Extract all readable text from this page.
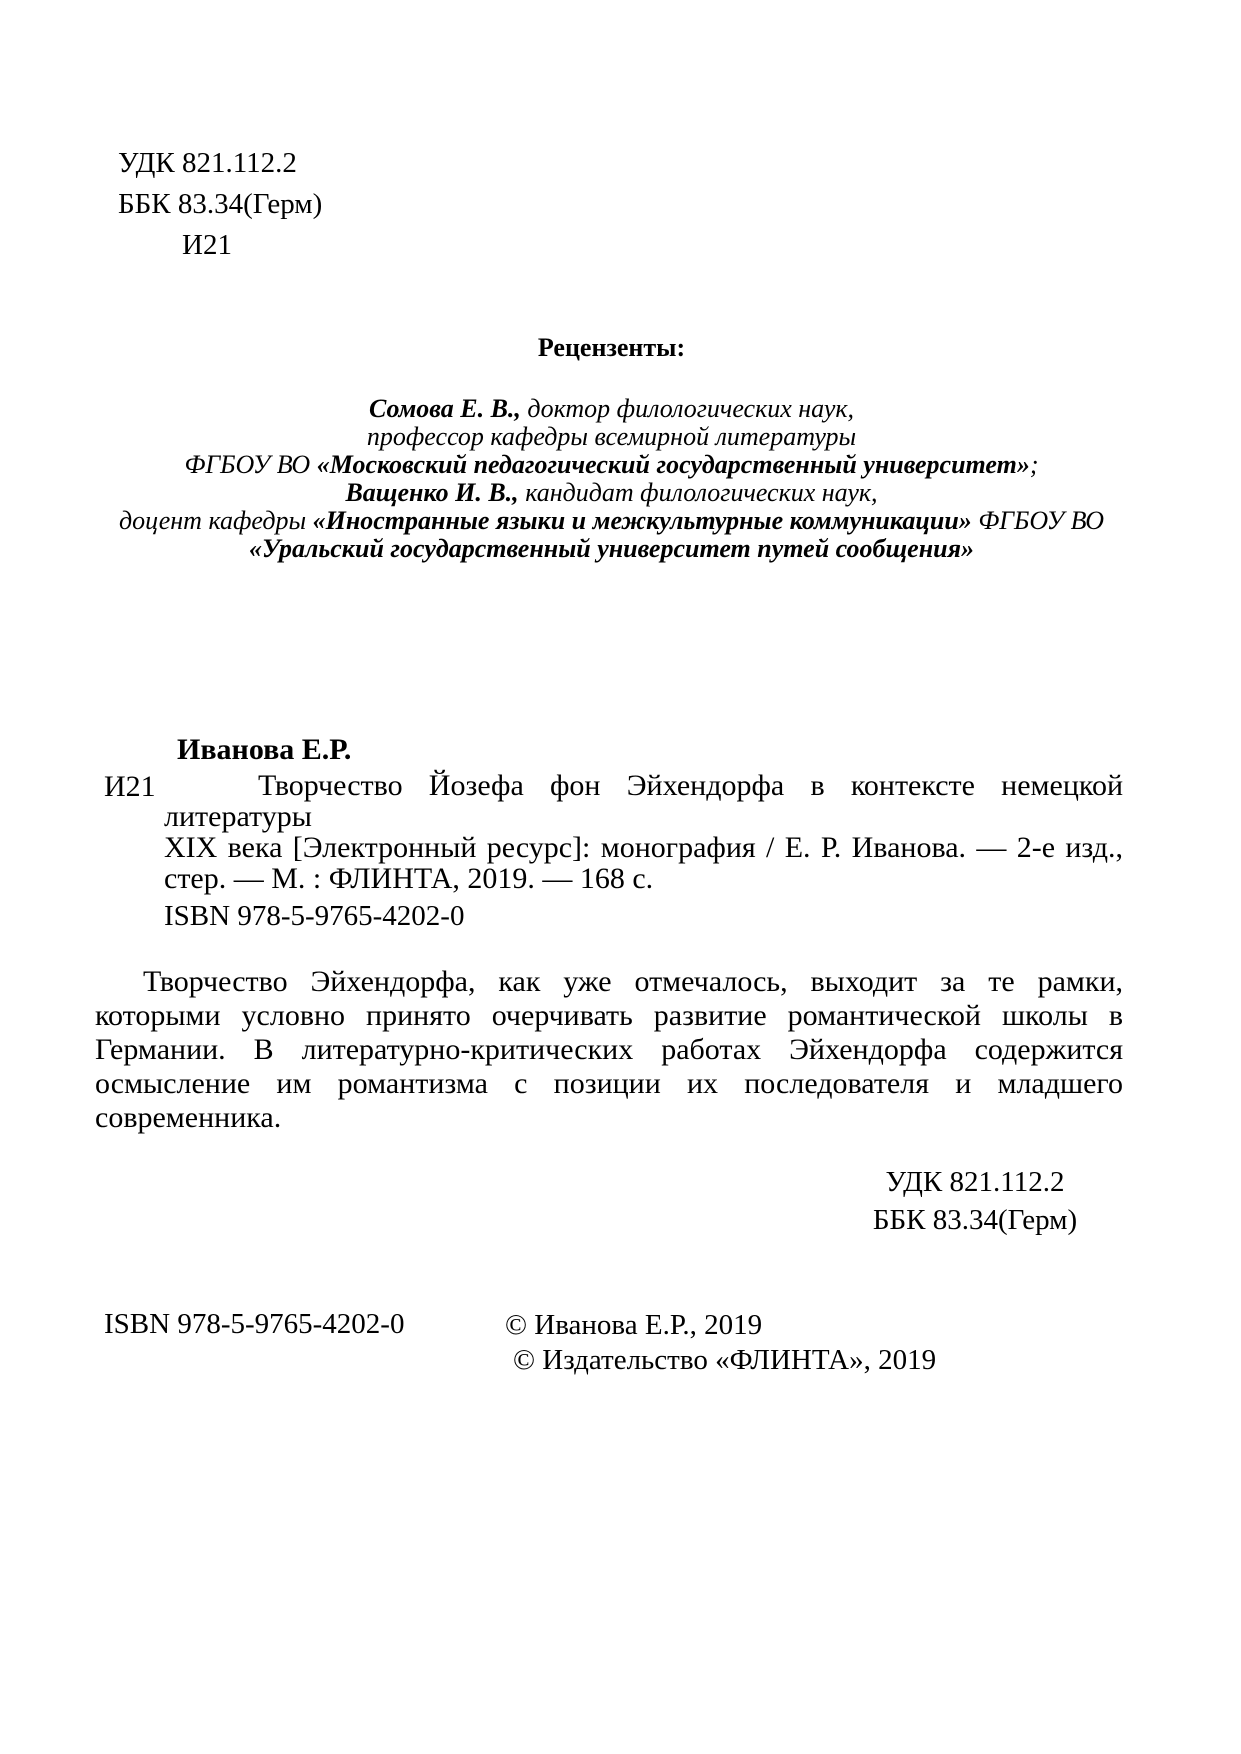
УДК 821.112.2
ББК 83.34(Герм)
И21
Рецензенты:
Сомова Е. В., доктор филологических наук,
профессор кафедры всемирной литературы
ФГБОУ ВО «Московский педагогический государственный университет»;
Ващенко И. В., кандидат филологических наук,
доцент кафедры «Иностранные языки и межкультурные коммуникации» ФГБОУ ВО
«Уральский государственный университет путей сообщения»
Иванова Е.Р.
И21	Творчество Йозефа фон Эйхендорфа в контексте немецкой литературы
XIX века [Электронный ресурс]: монография / Е. Р. Иванова. — 2-е изд.,
стер. — М. : ФЛИНТА, 2019. — 168 с.
ISBN 978-5-9765-4202-0
Творчество Эйхендорфа, как уже отмечалось, выходит за те рамки,
которыми условно принято очерчивать развитие романтической школы в
Германии. В литературно-критических работах Эйхендорфа содержится
осмысление им романтизма с позиции их последователя и младшего
современника.
УДК 821.112.2
ББК 83.34(Герм)
ISBN 978-5-9765-4202-0	© Иванова Е.Р., 2019
© Издательство «ФЛИНТА», 2019
